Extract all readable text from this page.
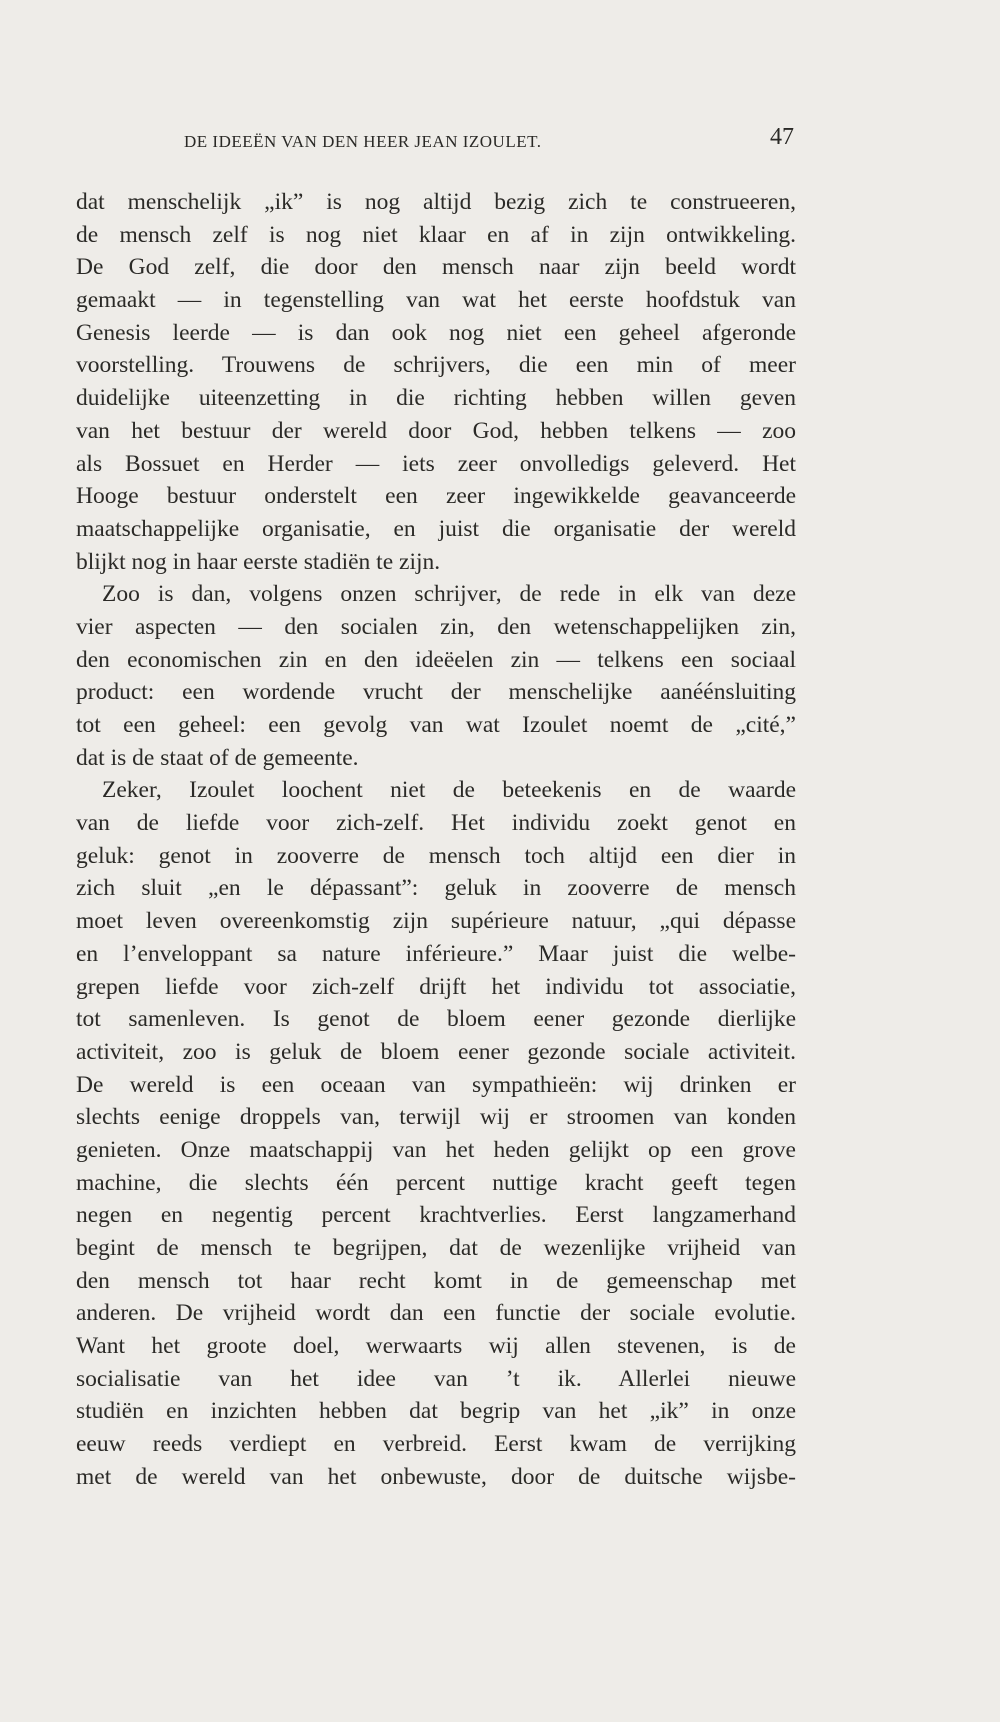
DE IDEEËN VAN DEN HEER JEAN IZOULET.	47
dat menschelijk „ik” is nog altijd bezig zich te construeeren,
de mensch zelf is nog niet klaar en af in zijn ontwikkeling.
De God zelf, die door den mensch naar zijn beeld wordt
gemaakt — in tegenstelling van wat het eerste hoofdstuk van
Genesis leerde — is dan ook nog niet een geheel afgeronde
voorstelling. Trouwens de schrijvers, die een min of meer
duidelijke uiteenzetting in die richting hebben willen geven
van het bestuur der wereld door God, hebben telkens — zoo
als Bossuet en Herder — iets zeer onvolledigs geleverd. Het
Hooge bestuur onderstelt een zeer ingewikkelde geavanceerde
maatschappelijke organisatie, en juist die organisatie der wereld
blijkt nog in haar eerste stadiën te zijn.
Zoo is dan, volgens onzen schrijver, de rede in elk van deze
vier aspecten — den socialen zin, den wetenschappelijken zin,
den economischen zin en den ideëelen zin — telkens een sociaal
product: een wordende vrucht der menschelijke aanéénsluiting
tot een geheel: een gevolg van wat Izoulet noemt de „cité,”
dat is de staat of de gemeente.
Zeker, Izoulet loochent niet de beteekenis en de waarde
van de liefde voor zich-zelf. Het individu zoekt genot en
geluk: genot in zooverre de mensch toch altijd een dier in
zich sluit „en le dépassant”: geluk in zooverre de mensch
moet leven overeenkomstig zijn supérieure natuur, „qui dépasse
en l’enveloppant sa nature inférieure.” Maar juist die welbe-
grepen liefde voor zich-zelf drijft het individu tot associatie,
tot samenleven. Is genot de bloem eener gezonde dierlijke
activiteit, zoo is geluk de bloem eener gezonde sociale activiteit.
De wereld is een oceaan van sympathieën: wij drinken er
slechts eenige droppels van, terwijl wij er stroomen van konden
genieten. Onze maatschappij van het heden gelijkt op een grove
machine, die slechts één percent nuttige kracht geeft tegen
negen en negentig percent krachtverlies. Eerst langzamerhand
begint de mensch te begrijpen, dat de wezenlijke vrijheid van
den mensch tot haar recht komt in de gemeenschap met
anderen. De vrijheid wordt dan een functie der sociale evolutie.
Want het groote doel, werwaarts wij allen stevenen, is de
socialisatie van het idee van ’t ik. Allerlei nieuwe
studiën en inzichten hebben dat begrip van het „ik” in onze
eeuw reeds verdiept en verbreid. Eerst kwam de verrijking
met de wereld van het onbewuste, door de duitsche wijsbe-
